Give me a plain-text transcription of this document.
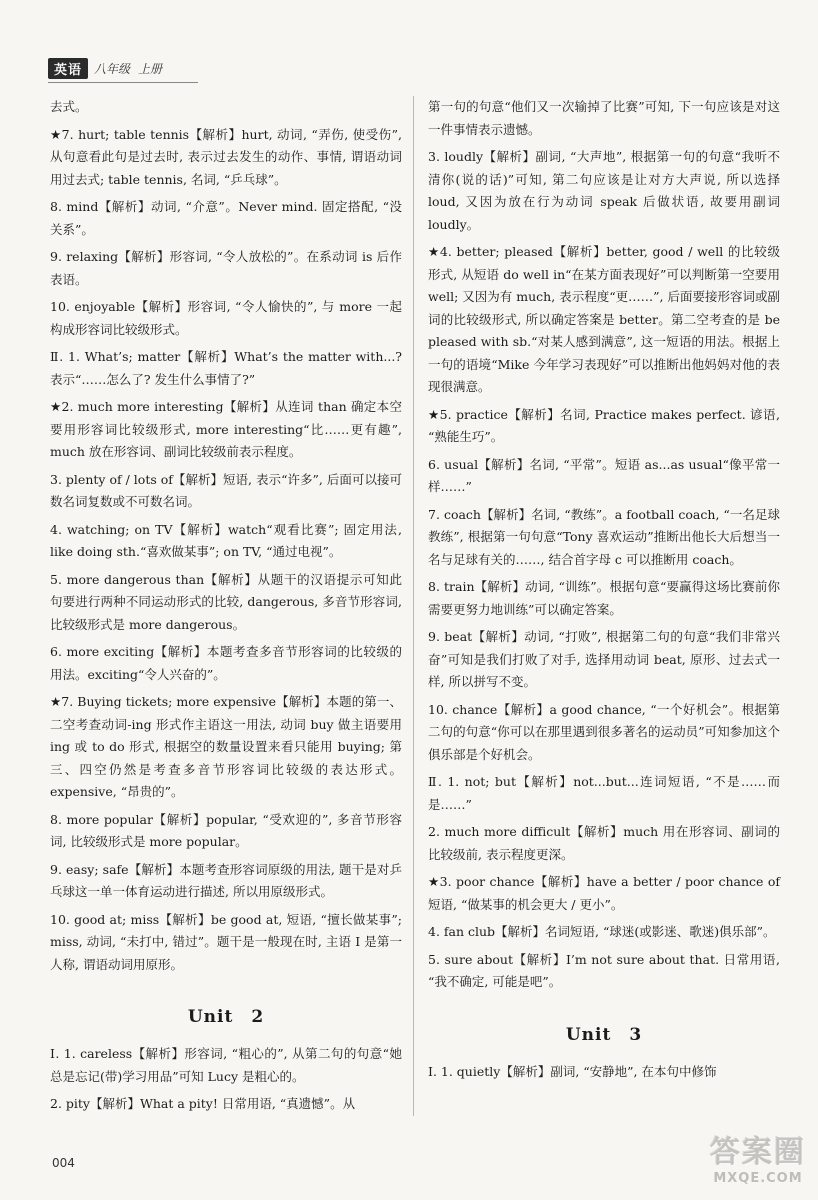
英语	八年级 上册

去式。

★7. hurt; table tennis【解析】hurt, 动词, “弄伤, 使受伤”, 从句意看此句是过去时, 表示过去发生的动作、事情, 谓语动词用过去式; table tennis, 名词, “乒乓球”。

8. mind【解析】动词, “介意”。Never mind. 固定搭配, “没关系”。

9. relaxing【解析】形容词, “令人放松的”。在系动词 is 后作表语。

10. enjoyable【解析】形容词, “令人愉快的”, 与 more 一起构成形容词比较级形式。

Ⅱ. 1. What’s; matter【解析】What’s the matter with...? 表示“……怎么了? 发生什么事情了?”

★2. much more interesting【解析】从连词 than 确定本空要用形容词比较级形式, more interesting“比……更有趣”, much 放在形容词、副词比较级前表示程度。

3. plenty of / lots of【解析】短语, 表示“许多”, 后面可以接可数名词复数或不可数名词。

4. watching; on TV【解析】watch“观看比赛”; 固定用法, like doing sth.“喜欢做某事”; on TV, “通过电视”。

5. more dangerous than【解析】从题干的汉语提示可知此句要进行两种不同运动形式的比较, dangerous, 多音节形容词, 比较级形式是 more dangerous。

6. more exciting【解析】本题考查多音节形容词的比较级的用法。exciting“令人兴奋的”。

★7. Buying tickets; more expensive【解析】本题的第一、二空考查动词-ing 形式作主语这一用法, 动词 buy 做主语要用 ing 或 to do 形式, 根据空的数量设置来看只能用 buying; 第三、四空仍然是考查多音节形容词比较级的表达形式。expensive, “昂贵的”。

8. more popular【解析】popular, “受欢迎的”, 多音节形容词, 比较级形式是 more popular。

9. easy; safe【解析】本题考查形容词原级的用法, 题干是对乒乓球这一单一体育运动进行描述, 所以用原级形式。

10. good at; miss【解析】be good at, 短语, “擅长做某事”; miss, 动词, “未打中, 错过”。题干是一般现在时, 主语 I 是第一人称, 谓语动词用原形。

Unit　2

Ⅰ. 1. careless【解析】形容词, “粗心的”, 从第二句的句意“她总是忘记(带)学习用品”可知 Lucy 是粗心的。

2. pity【解析】What a pity! 日常用语, “真遗憾”。从

第一句的句意“他们又一次输掉了比赛”可知, 下一句应该是对这一件事情表示遗憾。

3. loudly【解析】副词, “大声地”, 根据第一句的句意“我听不清你(说的话)”可知, 第二句应该是让对方大声说, 所以选择 loud, 又因为放在行为动词 speak 后做状语, 故要用副词 loudly。

★4. better; pleased【解析】better, good / well 的比较级形式, 从短语 do well in“在某方面表现好”可以判断第一空要用 well; 又因为有 much, 表示程度“更……”, 后面要接形容词或副词的比较级形式, 所以确定答案是 better。第二空考查的是 be pleased with sb.“对某人感到满意”, 这一短语的用法。根据上一句的语境“Mike 今年学习表现好”可以推断出他妈妈对他的表现很满意。

★5. practice【解析】名词, Practice makes perfect. 谚语, “熟能生巧”。

6. usual【解析】名词, “平常”。短语 as...as usual“像平常一样……”

7. coach【解析】名词, “教练”。a football coach, “一名足球教练”, 根据第一句句意“Tony 喜欢运动”推断出他长大后想当一名与足球有关的……, 结合首字母 c 可以推断用 coach。

8. train【解析】动词, “训练”。根据句意“要赢得这场比赛前你需要更努力地训练”可以确定答案。

9. beat【解析】动词, “打败”, 根据第二句的句意“我们非常兴奋”可知是我们打败了对手, 选择用动词 beat, 原形、过去式一样, 所以拼写不变。

10. chance【解析】a good chance, “一个好机会”。根据第二句的句意“你可以在那里遇到很多著名的运动员”可知参加这个俱乐部是个好机会。

Ⅱ. 1. not; but【解析】not...but...连词短语, “不是……而是……”

2. much more difficult【解析】much 用在形容词、副词的比较级前, 表示程度更深。

★3. poor chance【解析】have a better / poor chance of 短语, “做某事的机会更大 / 更小”。

4. fan club【解析】名词短语, “球迷(或影迷、歌迷)俱乐部”。

5. sure about【解析】I’m not sure about that. 日常用语, “我不确定, 可能是吧”。

Unit　3

Ⅰ. 1. quietly【解析】副词, “安静地”, 在本句中修饰

004	答案圈
MXQE.COM
